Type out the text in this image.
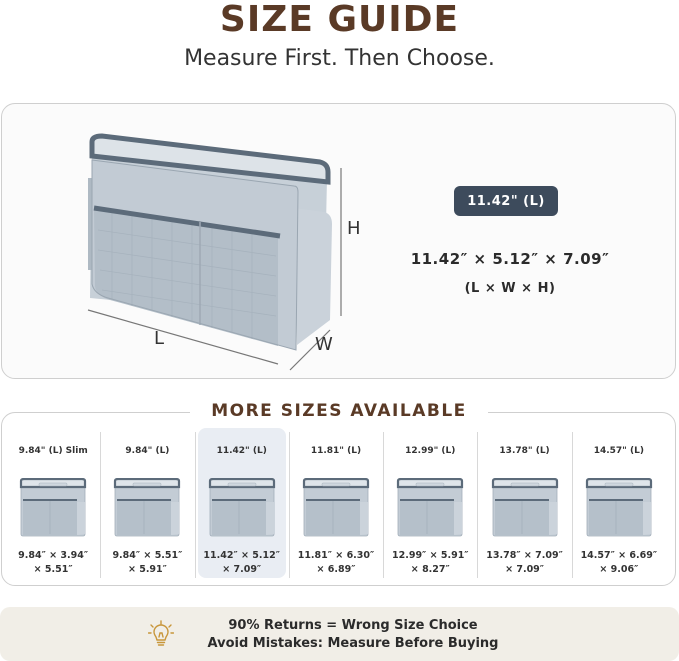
SIZE GUIDE
Measure First. Then Choose.
H
L	W
11.42" (L)
11.42″ × 5.12″ × 7.09″
(L × W × H)
MORE SIZES AVAILABLE
9.84" (L) Slim
9.84″ × 3.94″
× 5.51″
9.84" (L)
9.84″ × 5.51″
× 5.91″
11.42" (L)
11.42″ × 5.12″
× 7.09″
11.81" (L)
11.81″ × 6.30″
× 6.89″
12.99" (L)
12.99″ × 5.91″
× 8.27″
13.78" (L)
13.78″ × 7.09″
× 7.09″
14.57" (L)
14.57″ × 6.69″
× 9.06″
90% Returns = Wrong Size Choice
Avoid Mistakes: Measure Before Buying
